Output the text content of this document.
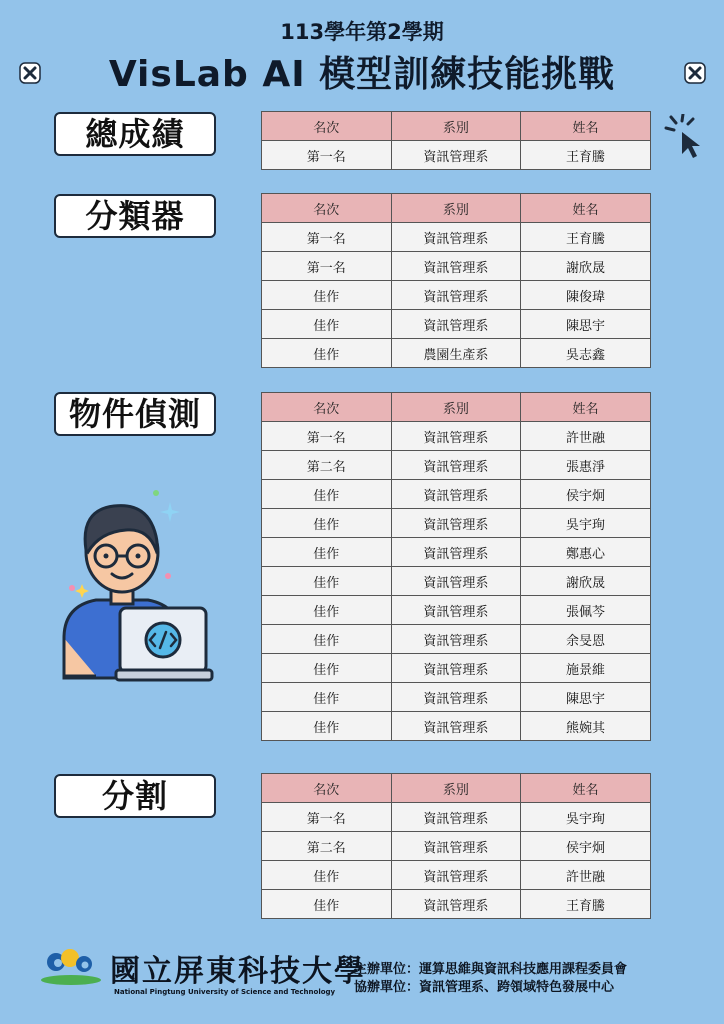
113學年第2學期
VisLab AI 模型訓練技能挑戰
總成績
分類器
物件偵測
分割
名次	系別	姓名
第一名	資訊管理系	王育騰
名次	系別	姓名
第一名	資訊管理系	王育騰
第一名	資訊管理系	謝欣晟
佳作	資訊管理系	陳俊瑋
佳作	資訊管理系	陳思宇
佳作	農園生產系	吳志鑫
名次	系別	姓名
第一名	資訊管理系	許世融
第二名	資訊管理系	張惠淨
佳作	資訊管理系	侯宇炯
佳作	資訊管理系	吳宇珣
佳作	資訊管理系	鄭惠心
佳作	資訊管理系	謝欣晟
佳作	資訊管理系	張佩芩
佳作	資訊管理系	余旻恩
佳作	資訊管理系	施景維
佳作	資訊管理系	陳思宇
佳作	資訊管理系	熊婉其
名次	系別	姓名
第一名	資訊管理系	吳宇珣
第二名	資訊管理系	侯宇炯
佳作	資訊管理系	許世融
佳作	資訊管理系	王育騰
國立屏東科技大學
National Pingtung University of Science and Technology
主辦單位：運算思維與資訊科技應用課程委員會
協辦單位：資訊管理系、跨領域特色發展中心
